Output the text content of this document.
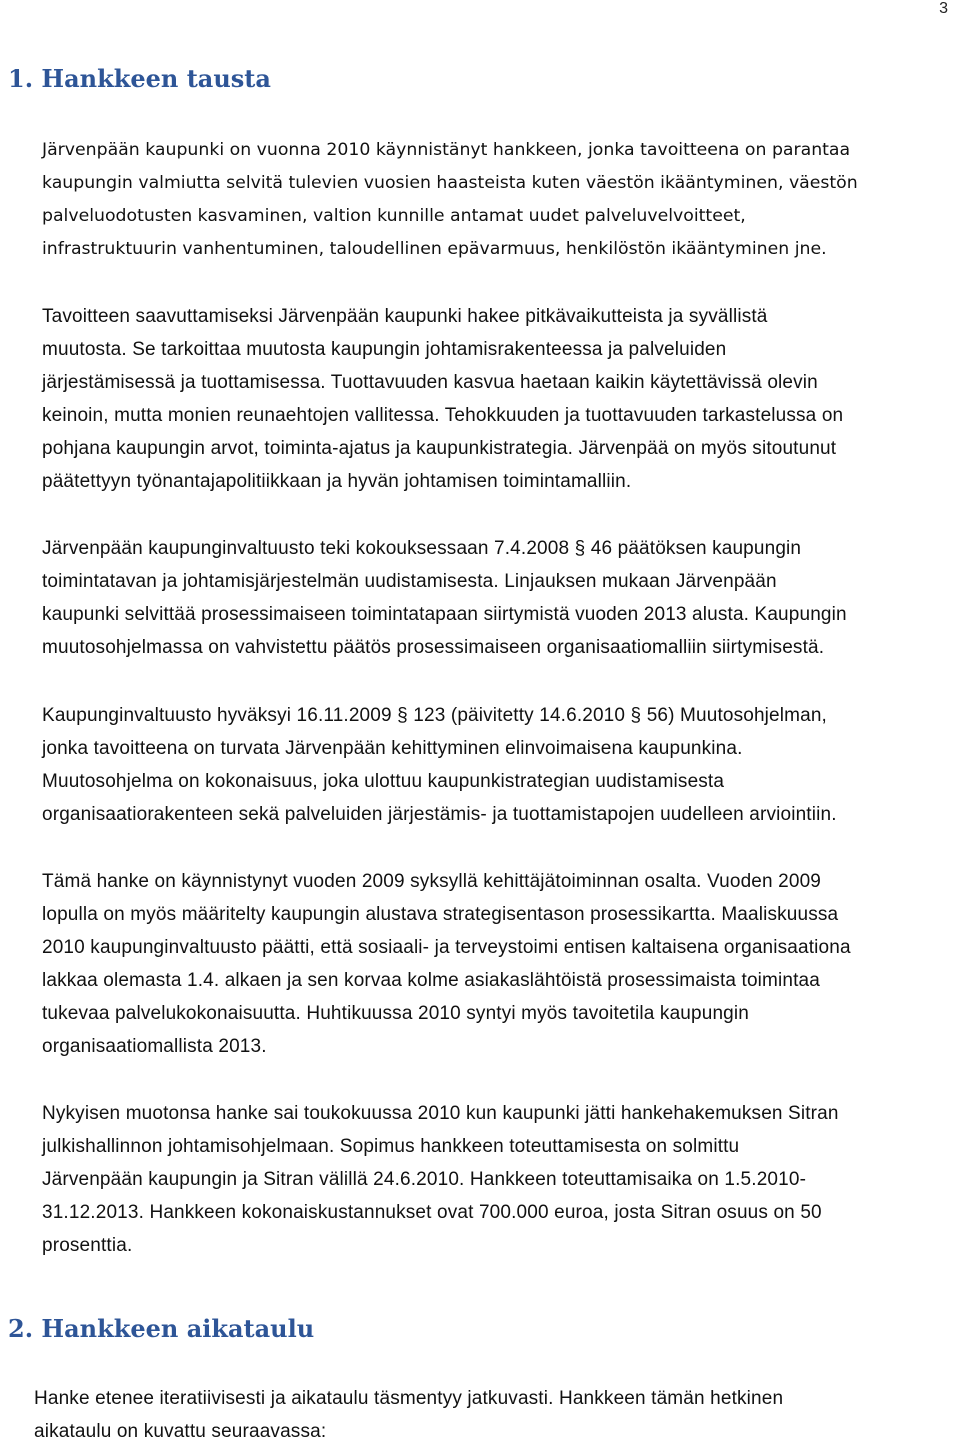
3
1. Hankkeen tausta
Järvenpään kaupunki on vuonna 2010 käynnistänyt hankkeen, jonka tavoitteena on parantaa
kaupungin valmiutta selvitä tulevien vuosien haasteista kuten väestön ikääntyminen, väestön
palveluodotusten kasvaminen, valtion kunnille antamat uudet palveluvelvoitteet,
infrastruktuurin vanhentuminen, taloudellinen epävarmuus, henkilöstön ikääntyminen jne.
Tavoitteen saavuttamiseksi Järvenpään kaupunki hakee pitkävaikutteista ja syvällistä
muutosta. Se tarkoittaa muutosta kaupungin johtamisrakenteessa ja palveluiden
järjestämisessä ja tuottamisessa. Tuottavuuden kasvua haetaan kaikin käytettävissä olevin
keinoin, mutta monien reunaehtojen vallitessa. Tehokkuuden ja tuottavuuden tarkastelussa on
pohjana kaupungin arvot, toiminta-ajatus ja kaupunkistrategia. Järvenpää on myös sitoutunut
päätettyyn työnantajapolitiikkaan ja hyvän johtamisen toimintamalliin.
Järvenpään kaupunginvaltuusto teki kokouksessaan 7.4.2008 § 46 päätöksen kaupungin
toimintatavan ja johtamisjärjestelmän uudistamisesta. Linjauksen mukaan Järvenpään
kaupunki selvittää prosessimaiseen toimintatapaan siirtymistä vuoden 2013 alusta. Kaupungin
muutosohjelmassa on vahvistettu päätös prosessimaiseen organisaatiomalliin siirtymisestä.
Kaupunginvaltuusto hyväksyi 16.11.2009 § 123 (päivitetty 14.6.2010 § 56) Muutosohjelman,
jonka tavoitteena on turvata Järvenpään kehittyminen elinvoimaisena kaupunkina.
Muutosohjelma on kokonaisuus, joka ulottuu kaupunkistrategian uudistamisesta
organisaatiorakenteen sekä palveluiden järjestämis- ja tuottamistapojen uudelleen arviointiin.
Tämä hanke on käynnistynyt vuoden 2009 syksyllä kehittäjätoiminnan osalta. Vuoden 2009
lopulla on myös määritelty kaupungin alustava strategisentason prosessikartta. Maaliskuussa
2010 kaupunginvaltuusto päätti, että sosiaali- ja terveystoimi entisen kaltaisena organisaationa
lakkaa olemasta 1.4. alkaen ja sen korvaa kolme asiakaslähtöistä prosessimaista toimintaa
tukevaa palvelukokonaisuutta. Huhtikuussa 2010 syntyi myös tavoitetila kaupungin
organisaatiomallista 2013.
Nykyisen muotonsa hanke sai toukokuussa 2010 kun kaupunki jätti hankehakemuksen Sitran
julkishallinnon johtamisohjelmaan. Sopimus hankkeen toteuttamisesta on solmittu
Järvenpään kaupungin ja Sitran välillä 24.6.2010. Hankkeen toteuttamisaika on 1.5.2010-
31.12.2013. Hankkeen kokonaiskustannukset ovat 700.000 euroa, josta Sitran osuus on 50
prosenttia.
2. Hankkeen aikataulu
Hanke etenee iteratiivisesti ja aikataulu täsmentyy jatkuvasti. Hankkeen tämän hetkinen
aikataulu on kuvattu seuraavassa:
